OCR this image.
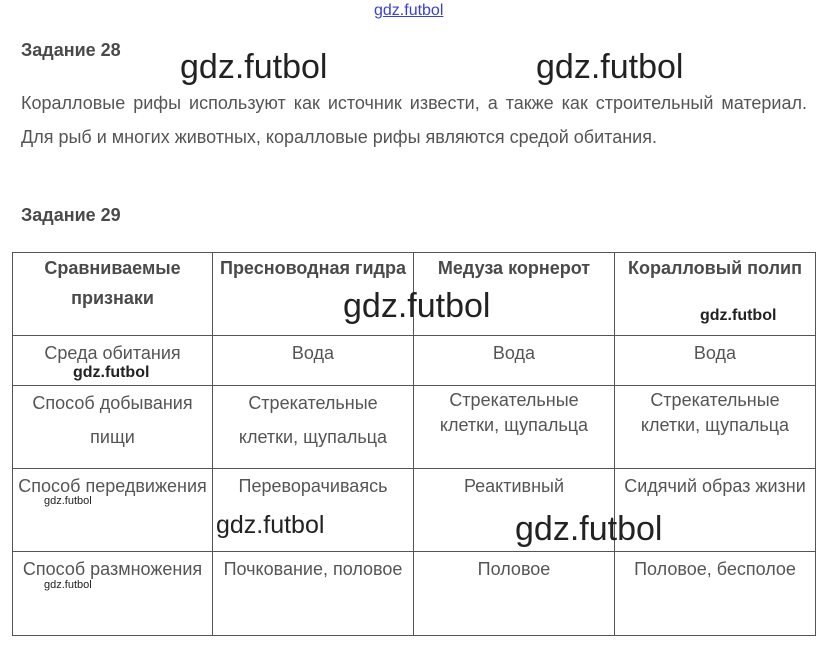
gdz.futbol
Задание 28
Коралловые рифы используют как источник извести, а также как строительный материал. Для рыб и многих животных, коралловые рифы являются средой обитания.
Задание 29
Сравниваемые признаки	Пресноводная гидра	Медуза корнерот	Коралловый полип
Среда обитания	Вода	Вода	Вода
Способ добывания пищи	Стрекательные клетки, щупальца	Стрекательные клетки, щупальца	Стрекательные клетки, щупальца
Способ передвижения	Переворачиваясь	Реактивный	Сидячий образ жизни
Способ размножения	Почкование, половое	Половое	Половое, бесполое
gdz.futbol	gdz.futbol
gdz.futbol	gdz.futbol
gdz.futbol
gdz.futbol
gdz.futbol	gdz.futbol
gdz.futbol
